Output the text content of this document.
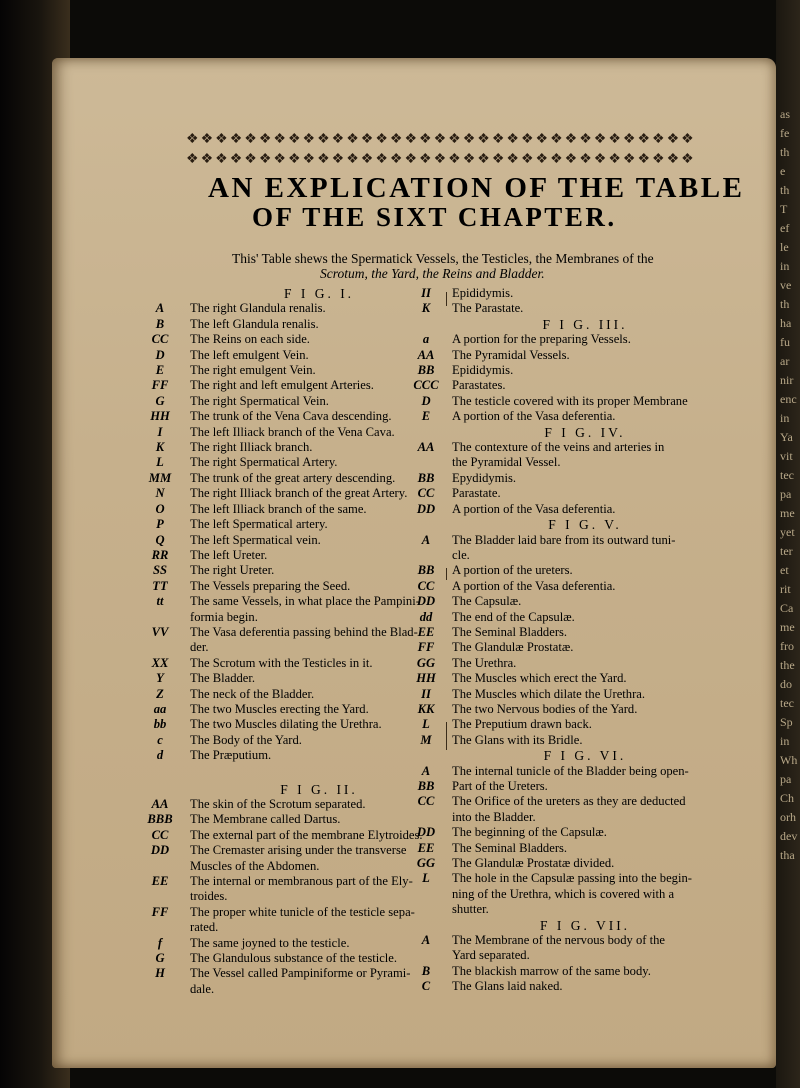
as
fe
th
e
th
T
ef
le
in
ve
th
ha
fu
ar
nir
enc
in
Ya
vit
tec
pa
me
yet
ter
et
rit
Ca
me
fro
the
do
tec
Sp
in
Wh
pa
Ch
orh
dev
tha
❖ ❖ ❖ ❖ ❖ ❖ ❖ ❖ ❖ ❖ ❖ ❖ ❖ ❖ ❖ ❖ ❖ ❖ ❖ ❖ ❖ ❖ ❖ ❖ ❖ ❖ ❖ ❖ ❖ ❖ ❖ ❖ ❖ ❖ ❖
❖ ❖ ❖ ❖ ❖ ❖ ❖ ❖ ❖ ❖ ❖ ❖ ❖ ❖ ❖ ❖ ❖ ❖ ❖ ❖ ❖ ❖ ❖ ❖ ❖ ❖ ❖ ❖ ❖ ❖ ❖ ❖ ❖ ❖ ❖
AN EXPLICATION OF THE TABLE
OF THE SIXT CHAPTER.
This' Table shews the Spermatick Vessels, the Testicles, the Membranes of the
Scrotum, the Yard, the Reins and Bladder.
F I G. I.
A	The right Glandula renalis.
B	The left Glandula renalis.
CC	The Reins on each side.
D	The left emulgent Vein.
E	The right emulgent Vein.
FF	The right and left emulgent Arteries.
G	The right Spermatical Vein.
HH	The trunk of the Vena Cava descending.
I	The left Illiack branch of the Vena Cava.
K	The right Illiack branch.
L	The right Spermatical Artery.
MM	The trunk of the great artery descending.
N	The right Illiack branch of the great Artery.
O	The left Illiack branch of the same.
P	The left Spermatical artery.
Q	The left Spermatical vein.
RR	The left Ureter.
SS	The right Ureter.
TT	The Vessels preparing the Seed.
tt	The same Vessels, in what place the Pampini-
formia begin.
VV	The Vasa deferentia passing behind the Blad-
der.
XX	The Scrotum with the Testicles in it.
Y	The Bladder.
Z	The neck of the Bladder.
aa	The two Muscles erecting the Yard.
bb	The two Muscles dilating the Urethra.
c	The Body of the Yard.
d	The Præputium.
F I G. II.
AA	The skin of the Scrotum separated.
BBB	The Membrane called Dartus.
CC	The external part of the membrane Elytroides.
DD	The Cremaster arising under the transverse
Muscles of the Abdomen.
EE	The internal or membranous part of the Ely-
troides.
FF	The proper white tunicle of the testicle sepa-
rated.
f	The same joyned to the testicle.
G	The Glandulous substance of the testicle.
H	The Vessel called Pampiniforme or Pyrami-
dale.
II	Epididymis.
K	The Parastate.
F I G. III.
a	A portion for the preparing Vessels.
AA	The Pyramidal Vessels.
BB	Epididymis.
CCC	Parastates.
D	The testicle covered with its proper Membrane
E	A portion of the Vasa deferentia.
F I G. IV.
AA	The contexture of the veins and arteries in
the Pyramidal Vessel.
BB	Epydidymis.
CC	Parastate.
DD	A portion of the Vasa deferentia.
F I G. V.
A	The Bladder laid bare from its outward tuni-
cle.
BB	A portion of the ureters.
CC	A portion of the Vasa deferentia.
DD	The Capsulæ.
dd	The end of the Capsulæ.
EE	The Seminal Bladders.
FF	The Glandulæ Prostatæ.
GG	The Urethra.
HH	The Muscles which erect the Yard.
II	The Muscles which dilate the Urethra.
KK	The two Nervous bodies of the Yard.
L	The Preputium drawn back.
M	The Glans with its Bridle.
F I G. VI.
A	The internal tunicle of the Bladder being open-
BB	Part of the Ureters.
CC	The Orifice of the ureters as they are deducted
into the Bladder.
DD	The beginning of the Capsulæ.
EE	The Seminal Bladders.
GG	The Glandulæ Prostatæ divided.
L	The hole in the Capsulæ passing into the begin-
ning of the Urethra, which is covered with a
shutter.
F I G. VII.
A	The Membrane of the nervous body of the
Yard separated.
B	The blackish marrow of the same body.
C	The Glans laid naked.
